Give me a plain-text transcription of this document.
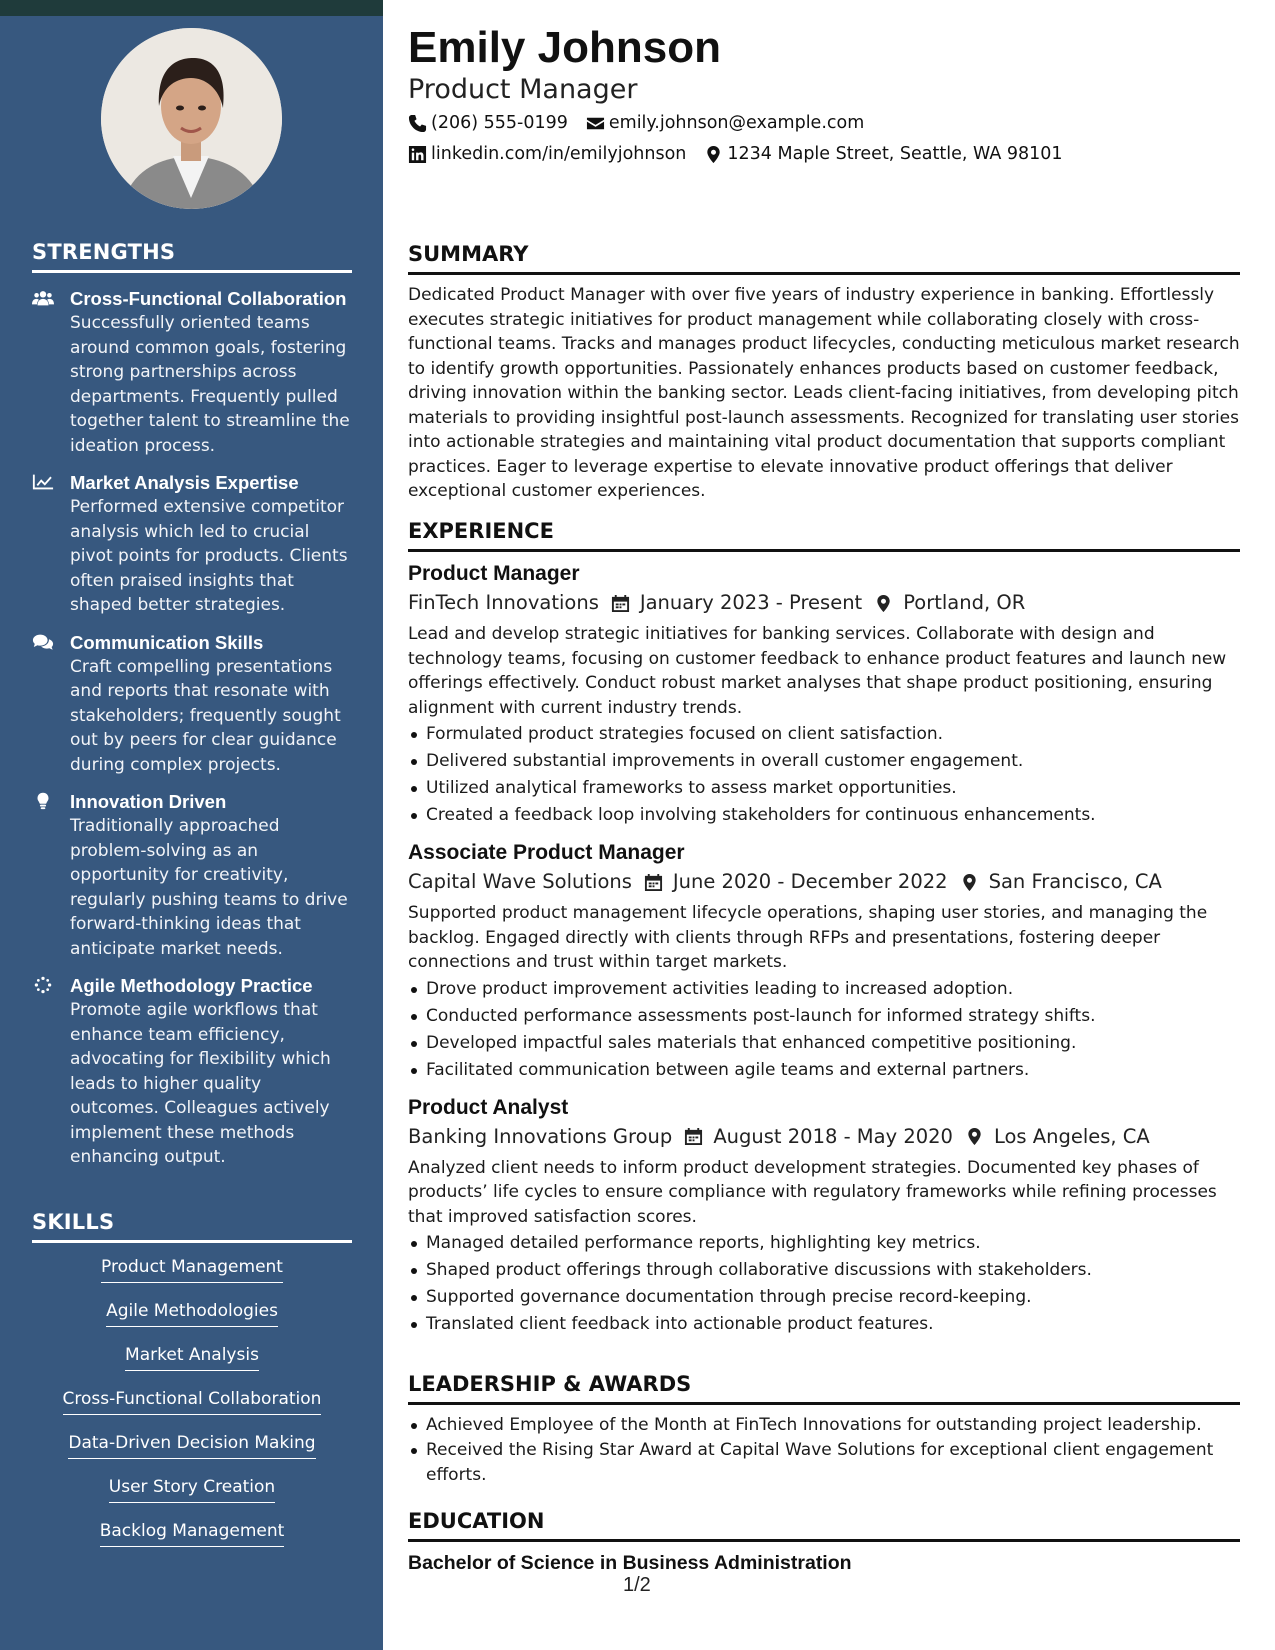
STRENGTHS
Cross-Functional Collaboration
Successfully oriented teams around common goals, fostering strong partnerships across departments. Frequently pulled together talent to streamline the ideation process.
Market Analysis Expertise
Performed extensive competitor analysis which led to crucial pivot points for products. Clients often praised insights that shaped better strategies.
Communication Skills
Craft compelling presentations and reports that resonate with stakeholders; frequently sought out by peers for clear guidance during complex projects.
Innovation Driven
Traditionally approached problem-solving as an opportunity for creativity, regularly pushing teams to drive forward-thinking ideas that anticipate market needs.
Agile Methodology Practice
Promote agile workflows that enhance team efficiency, advocating for flexibility which leads to higher quality outcomes. Colleagues actively implement these methods enhancing output.
SKILLS
Product Management
Agile Methodologies
Market Analysis
Cross-Functional Collaboration
Data-Driven Decision Making
User Story Creation
Backlog Management
Emily Johnson
Product Manager
(206) 555-0199 emily.johnson@example.com
linkedin.com/in/emilyjohnson 1234 Maple Street, Seattle, WA 98101
SUMMARY

Dedicated Product Manager with over five years of industry experience in banking. Effortlessly executes strategic initiatives for product management while collaborating closely with cross-functional teams. Tracks and manages product lifecycles, conducting meticulous market research to identify growth opportunities. Passionately enhances products based on customer feedback, driving innovation within the banking sector. Leads client-facing initiatives, from developing pitch materials to providing insightful post-launch assessments. Recognized for translating user stories into actionable strategies and maintaining vital product documentation that supports compliant practices. Eager to leverage expertise to elevate innovative product offerings that deliver exceptional customer experiences.

EXPERIENCE
Product Manager
FinTech Innovations January 2023 - Present Portland, OR

Lead and develop strategic initiatives for banking services. Collaborate with design and technology teams, focusing on customer feedback to enhance product features and launch new offerings effectively. Conduct robust market analyses that shape product positioning, ensuring alignment with current industry trends.

Formulated product strategies focused on client satisfaction.
Delivered substantial improvements in overall customer engagement.
Utilized analytical frameworks to assess market opportunities.
Created a feedback loop involving stakeholders for continuous enhancements.
Associate Product Manager
Capital Wave Solutions June 2020 - December 2022 San Francisco, CA

Supported product management lifecycle operations, shaping user stories, and managing the backlog. Engaged directly with clients through RFPs and presentations, fostering deeper connections and trust within target markets.

Drove product improvement activities leading to increased adoption.
Conducted performance assessments post-launch for informed strategy shifts.
Developed impactful sales materials that enhanced competitive positioning.
Facilitated communication between agile teams and external partners.
Product Analyst
Banking Innovations Group August 2018 - May 2020 Los Angeles, CA

Analyzed client needs to inform product development strategies. Documented key phases of products’ life cycles to ensure compliance with regulatory frameworks while refining processes that improved satisfaction scores.

Managed detailed performance reports, highlighting key metrics.
Shaped product offerings through collaborative discussions with stakeholders.
Supported governance documentation through precise record-keeping.
Translated client feedback into actionable product features.
LEADERSHIP & AWARDS
Achieved Employee of the Month at FinTech Innovations for outstanding project leadership.
Received the Rising Star Award at Capital Wave Solutions for exceptional client engagement efforts.
EDUCATION
Bachelor of Science in Business Administration
1/2
